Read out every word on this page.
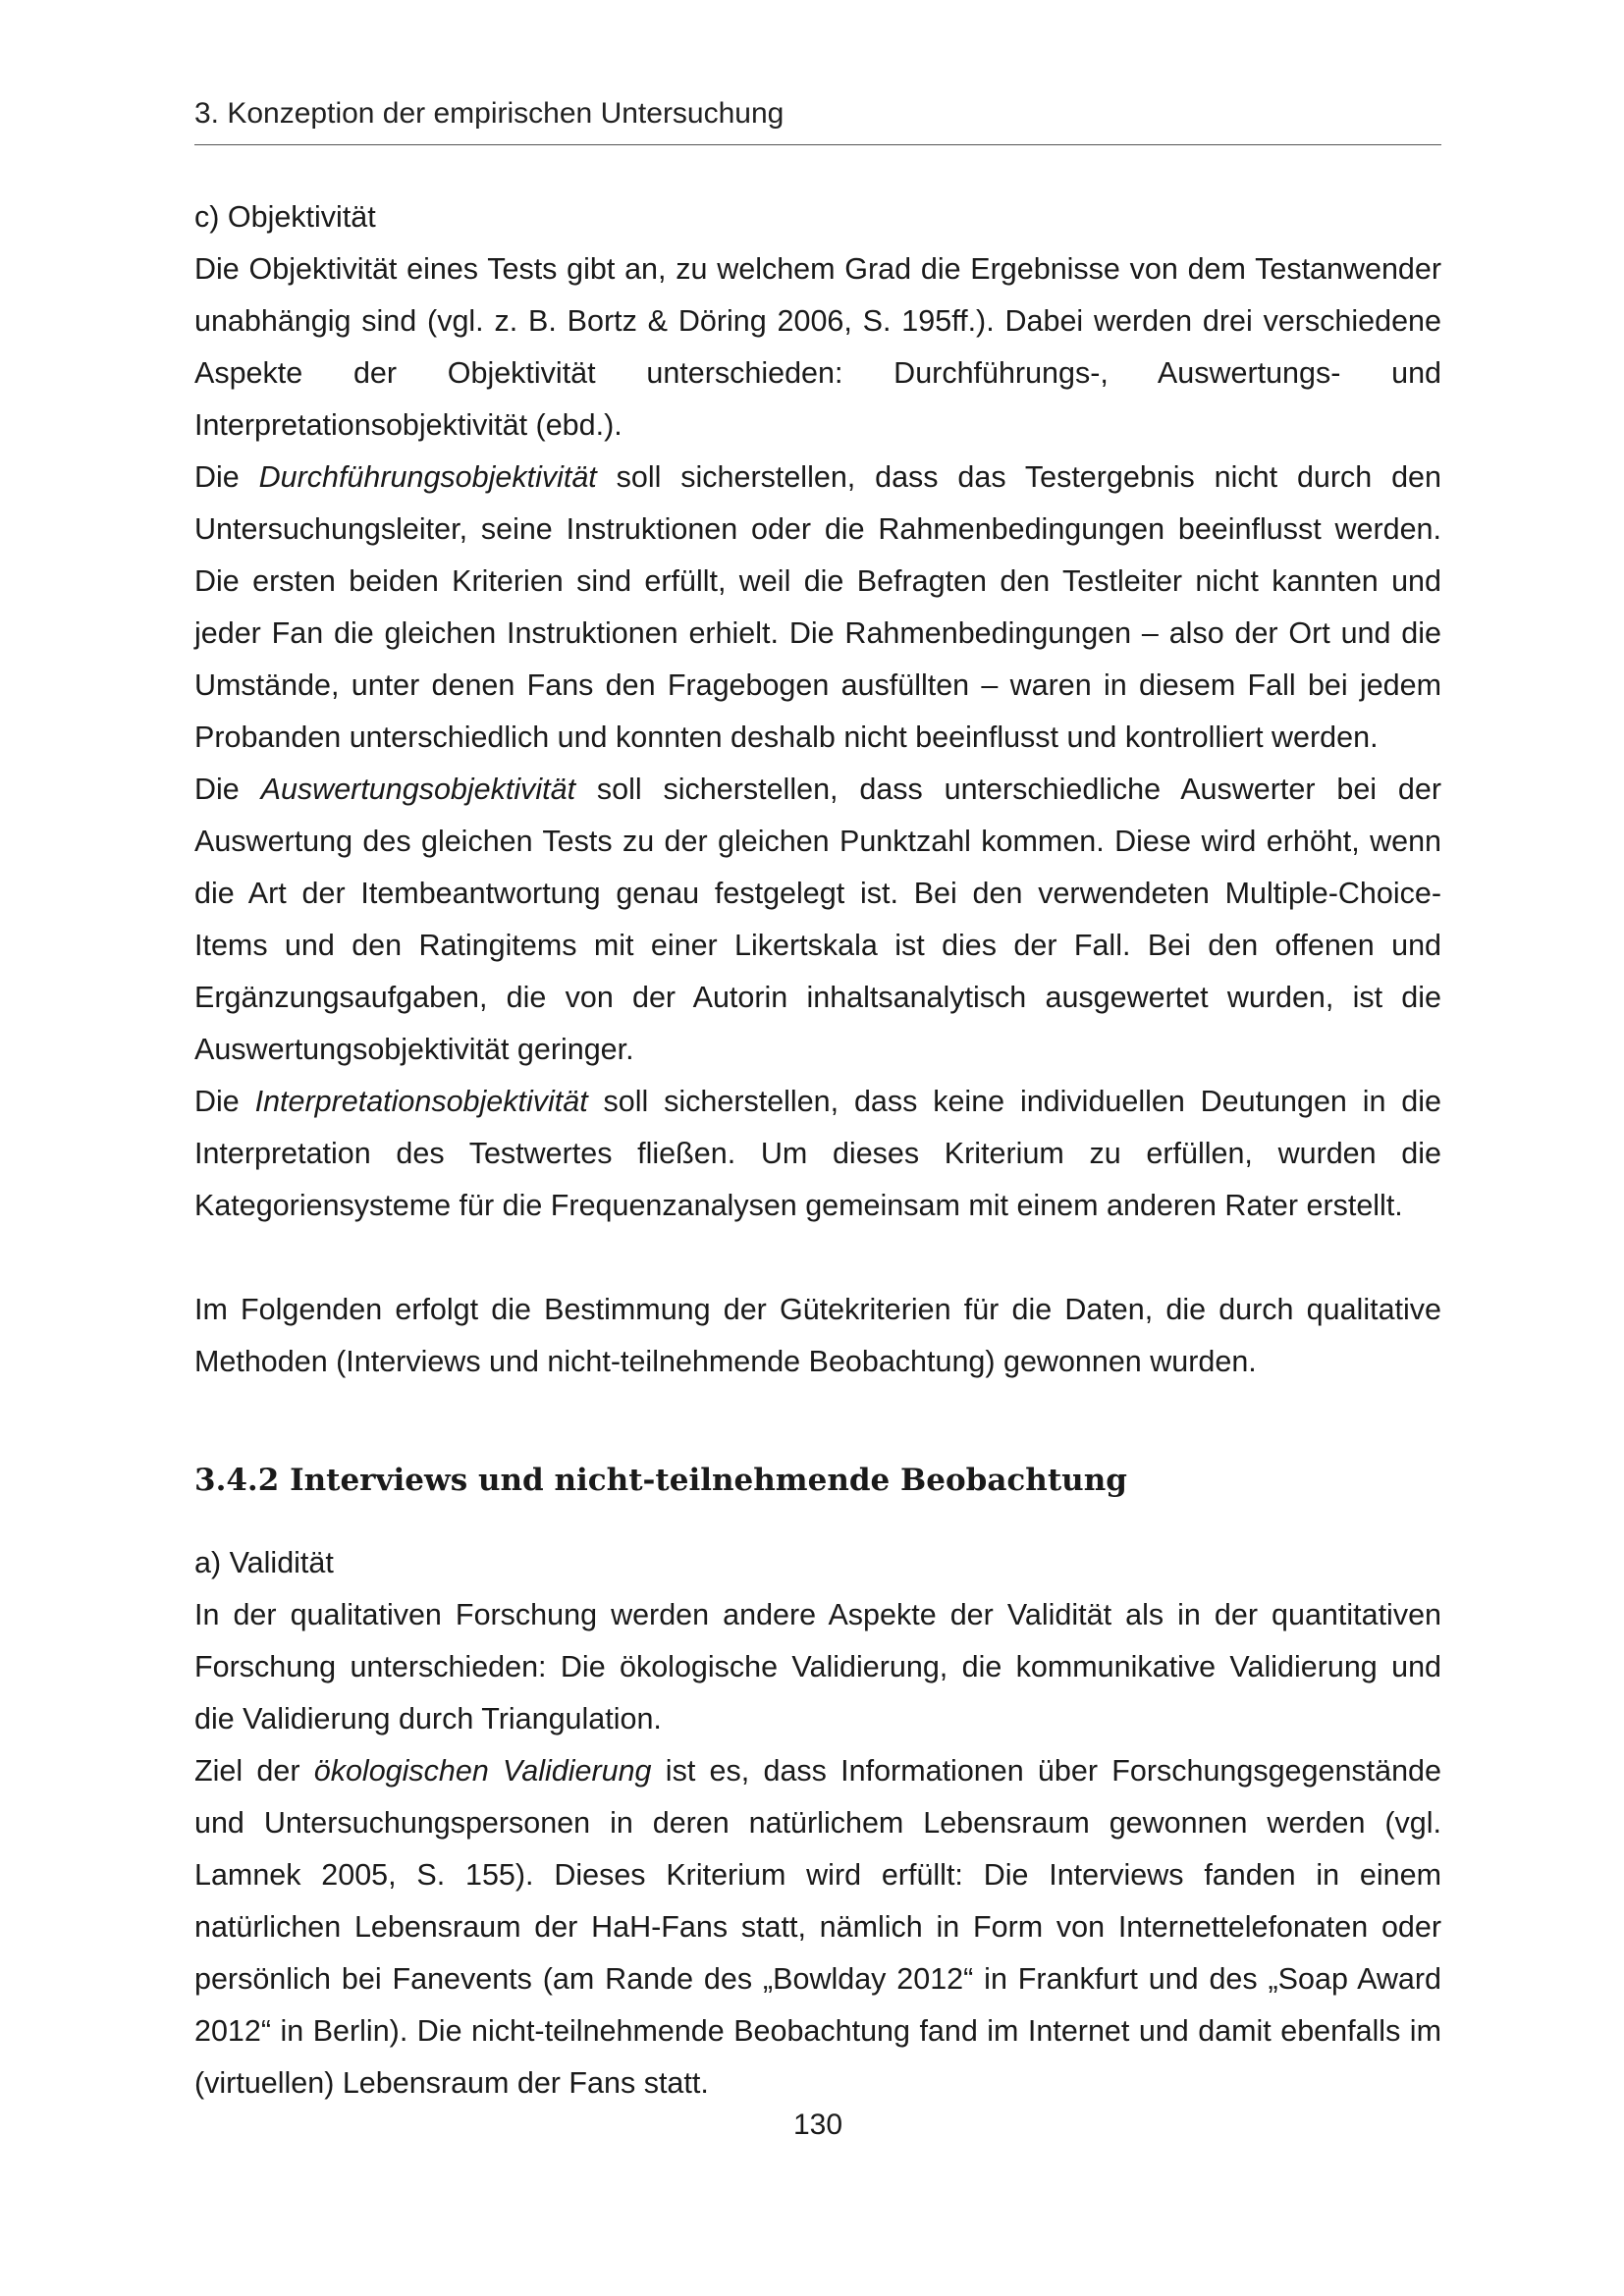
3. Konzeption der empirischen Untersuchung

c) Objektivität

Die Objektivität eines Tests gibt an, zu welchem Grad die Ergebnisse von dem Testanwender unabhängig sind (vgl. z. B. Bortz & Döring 2006, S. 195ff.). Dabei werden drei verschiedene Aspekte der Objektivität unterschieden: Durchführungs-, Auswertungs- und Interpretationsobjektivität (ebd.).

Die Durchführungsobjektivität soll sicherstellen, dass das Testergebnis nicht durch den Untersuchungsleiter, seine Instruktionen oder die Rahmenbedingungen beeinflusst werden. Die ersten beiden Kriterien sind erfüllt, weil die Befragten den Testleiter nicht kannten und jeder Fan die gleichen Instruktionen erhielt. Die Rahmenbedingungen – also der Ort und die Umstände, unter denen Fans den Fragebogen ausfüllten – waren in diesem Fall bei jedem Probanden unterschiedlich und konnten deshalb nicht beeinflusst und kontrolliert werden.

Die Auswertungsobjektivität soll sicherstellen, dass unterschiedliche Auswerter bei der Auswertung des gleichen Tests zu der gleichen Punktzahl kommen. Diese wird erhöht, wenn die Art der Itembeantwortung genau festgelegt ist. Bei den verwendeten Multiple-Choice-Items und den Ratingitems mit einer Likertskala ist dies der Fall. Bei den offenen und Ergänzungsaufgaben, die von der Autorin inhaltsanalytisch ausgewertet wurden, ist die Auswertungsobjektivität geringer.

Die Interpretationsobjektivität soll sicherstellen, dass keine individuellen Deutungen in die Interpretation des Testwertes fließen. Um dieses Kriterium zu erfüllen, wurden die Kategoriensysteme für die Frequenzanalysen gemeinsam mit einem anderen Rater erstellt.

Im Folgenden erfolgt die Bestimmung der Gütekriterien für die Daten, die durch qualitative Methoden (Interviews und nicht-teilnehmende Beobachtung) gewonnen wurden.

3.4.2 Interviews und nicht-teilnehmende Beobachtung

a) Validität

In der qualitativen Forschung werden andere Aspekte der Validität als in der quantitativen Forschung unterschieden: Die ökologische Validierung, die kommunikative Validierung und die Validierung durch Triangulation.

Ziel der ökologischen Validierung ist es, dass Informationen über Forschungsgegenstände und Untersuchungspersonen in deren natürlichem Lebensraum gewonnen werden (vgl. Lamnek 2005, S. 155). Dieses Kriterium wird erfüllt: Die Interviews fanden in einem natürlichen Lebensraum der HaH-Fans statt, nämlich in Form von Internettelefonaten oder persönlich bei Fanevents (am Rande des „Bowlday 2012“ in Frankfurt und des „Soap Award 2012“ in Berlin). Die nicht-teilnehmende Beobachtung fand im Internet und damit ebenfalls im (virtuellen) Lebensraum der Fans statt.

130
